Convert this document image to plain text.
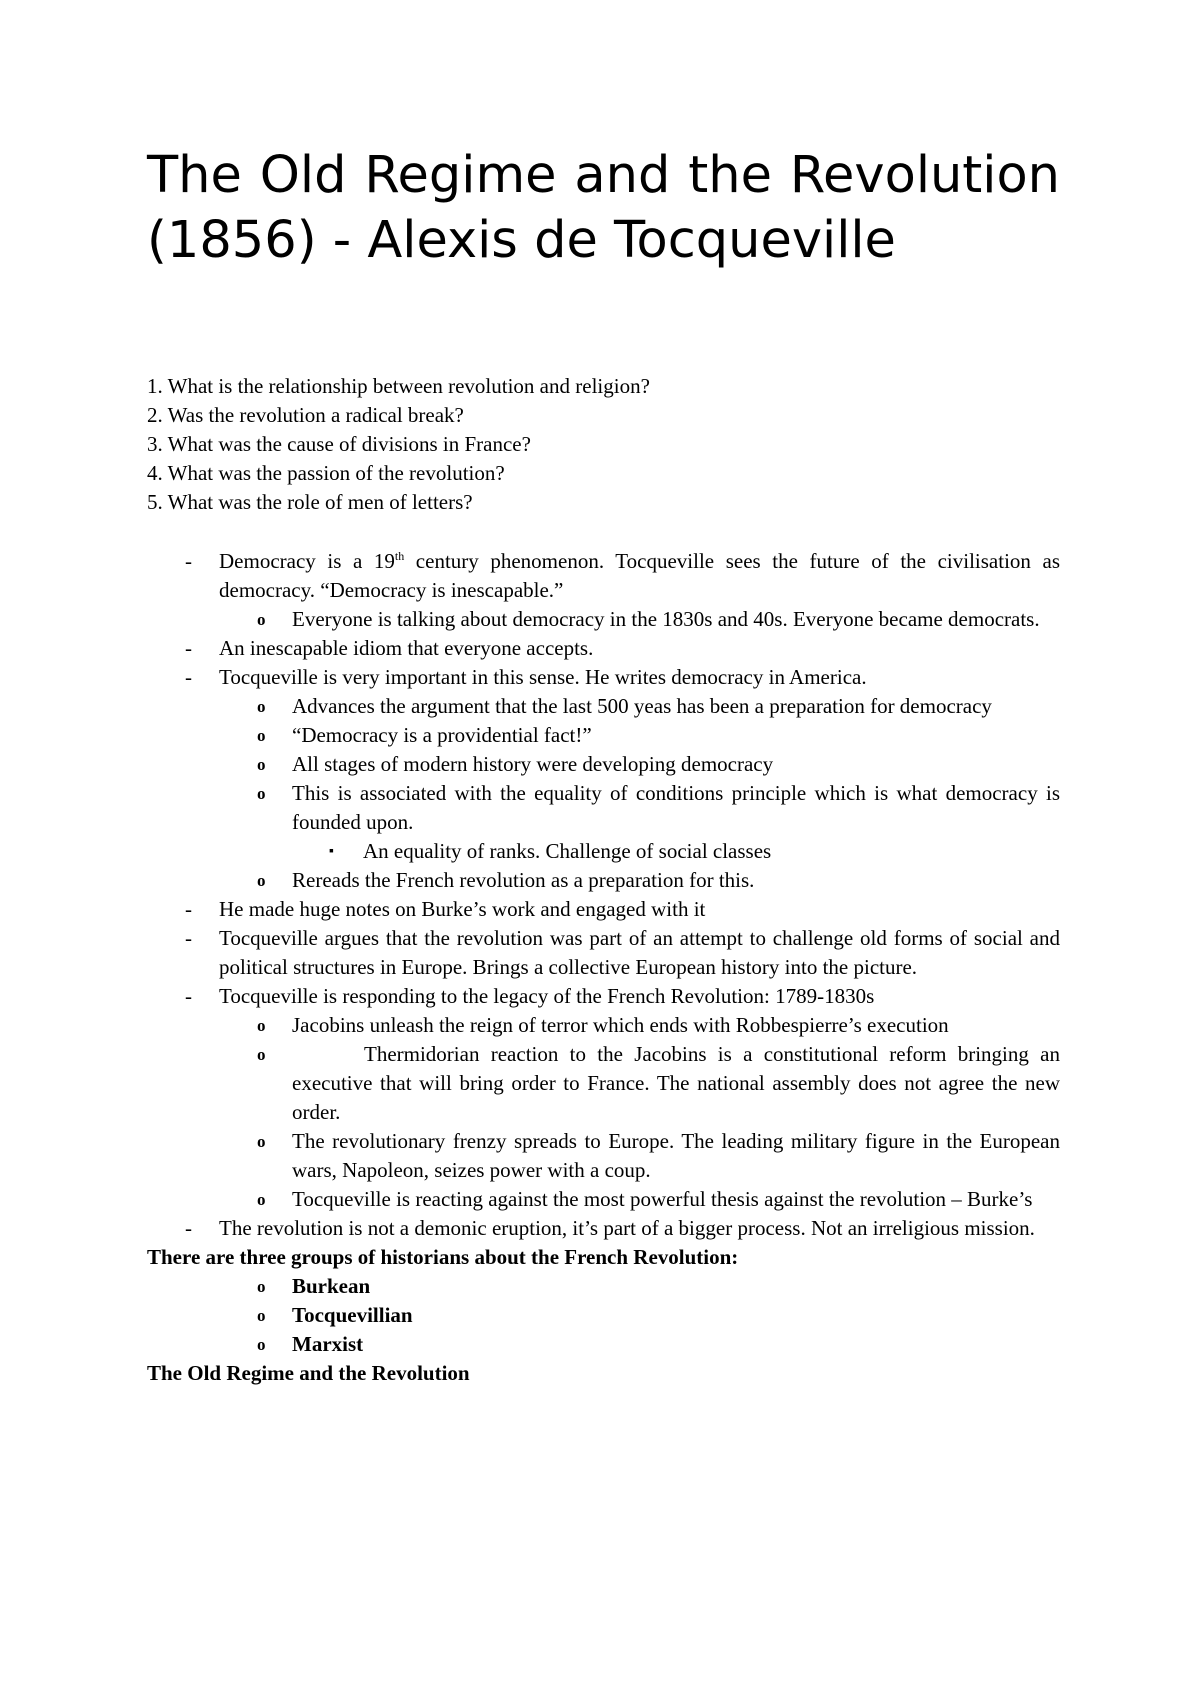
The Old Regime and the Revolution (1856) - Alexis de Tocqueville
1. What is the relationship between revolution and religion?
2. Was the revolution a radical break?
3. What was the cause of divisions in France?
4. What was the passion of the revolution?
5. What was the role of men of letters?
- Democracy is a 19th century phenomenon. Tocqueville sees the future of the civilisation as democracy. “Democracy is inescapable.”
o Everyone is talking about democracy in the 1830s and 40s. Everyone became democrats.
- An inescapable idiom that everyone accepts.
- Tocqueville is very important in this sense. He writes democracy in America.
o Advances the argument that the last 500 yeas has been a preparation for democracy
o “Democracy is a providential fact!”
o All stages of modern history were developing democracy
o This is associated with the equality of conditions principle which is what democracy is founded upon.
▪ An equality of ranks. Challenge of social classes
o Rereads the French revolution as a preparation for this.
- He made huge notes on Burke’s work and engaged with it
- Tocqueville argues that the revolution was part of an attempt to challenge old forms of social and political structures in Europe. Brings a collective European history into the picture.
- Tocqueville is responding to the legacy of the French Revolution: 1789-1830s
o Jacobins unleash the reign of terror which ends with Robbespierre’s execution
o	Thermidorian reaction to the Jacobins is a constitutional reform bringing an executive that will bring order to France. The national assembly does not agree the new order.
o The revolutionary frenzy spreads to Europe. The leading military figure in the European wars, Napoleon, seizes power with a coup.
o Tocqueville is reacting against the most powerful thesis against the revolution – Burke’s
- The revolution is not a demonic eruption, it’s part of a bigger process. Not an irreligious mission.
There are three groups of historians about the French Revolution:
o Burkean
o Tocquevillian
o Marxist
The Old Regime and the Revolution
